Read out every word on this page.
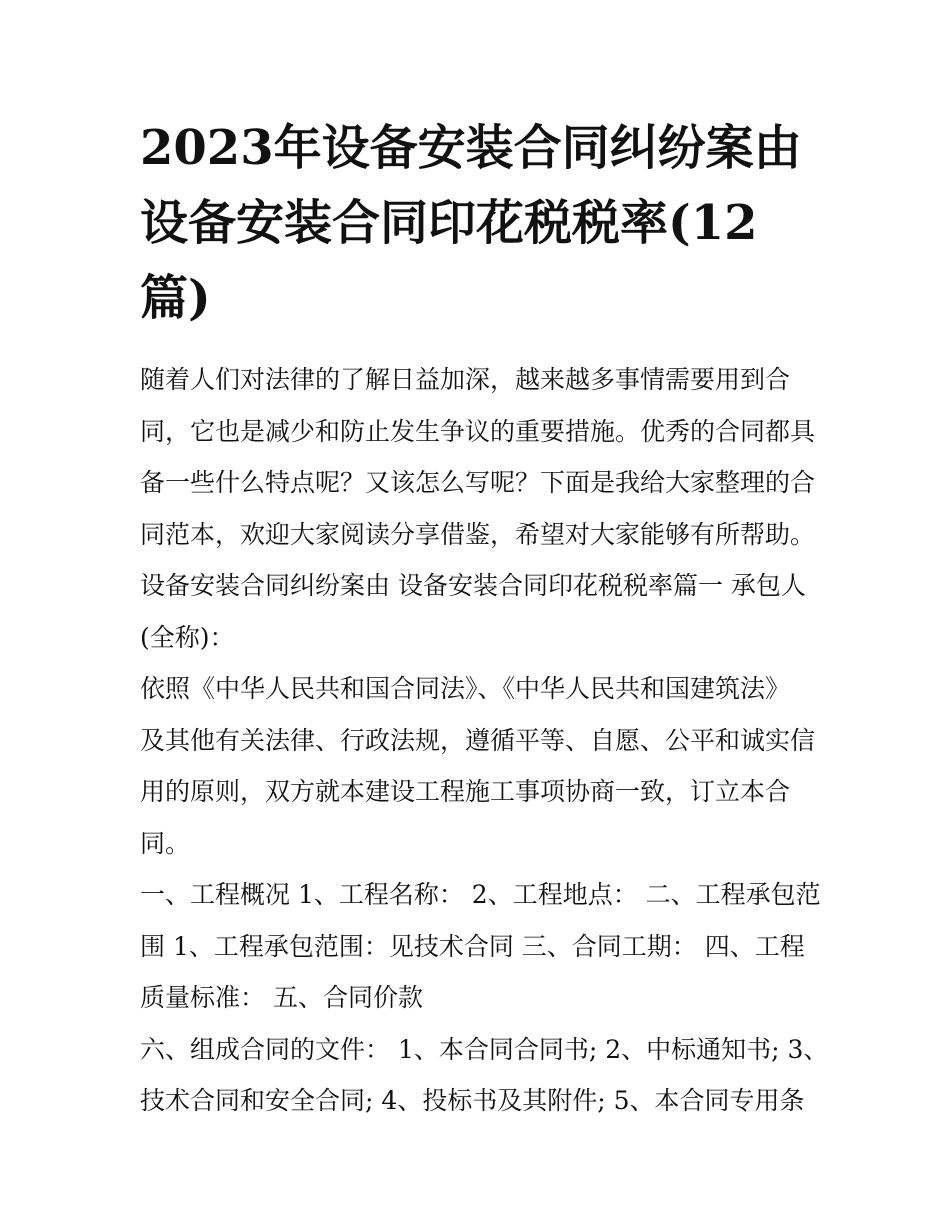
2023年设备安装合同纠纷案由
设备安装合同印花税税率(12
篇)
随着人们对法律的了解日益加深，越来越多事情需要用到合
同，它也是减少和防止发生争议的重要措施。优秀的合同都具
备一些什么特点呢？又该怎么写呢？下面是我给大家整理的合
同范本，欢迎大家阅读分享借鉴，希望对大家能够有所帮助。
设备安装合同纠纷案由 设备安装合同印花税税率篇一 承包人
(全称)：
依照《中华人民共和国合同法》、《中华人民共和国建筑法》
及其他有关法律、行政法规，遵循平等、自愿、公平和诚实信
用的原则，双方就本建设工程施工事项协商一致，订立本合
同。
一、工程概况 1、工程名称： 2、工程地点： 二、工程承包范
围 1、工程承包范围：见技术合同 三、合同工期： 四、工程
质量标准： 五、合同价款
六、组成合同的文件： 1、本合同合同书; 2、中标通知书; 3、
技术合同和安全合同; 4、投标书及其附件; 5、本合同专用条
